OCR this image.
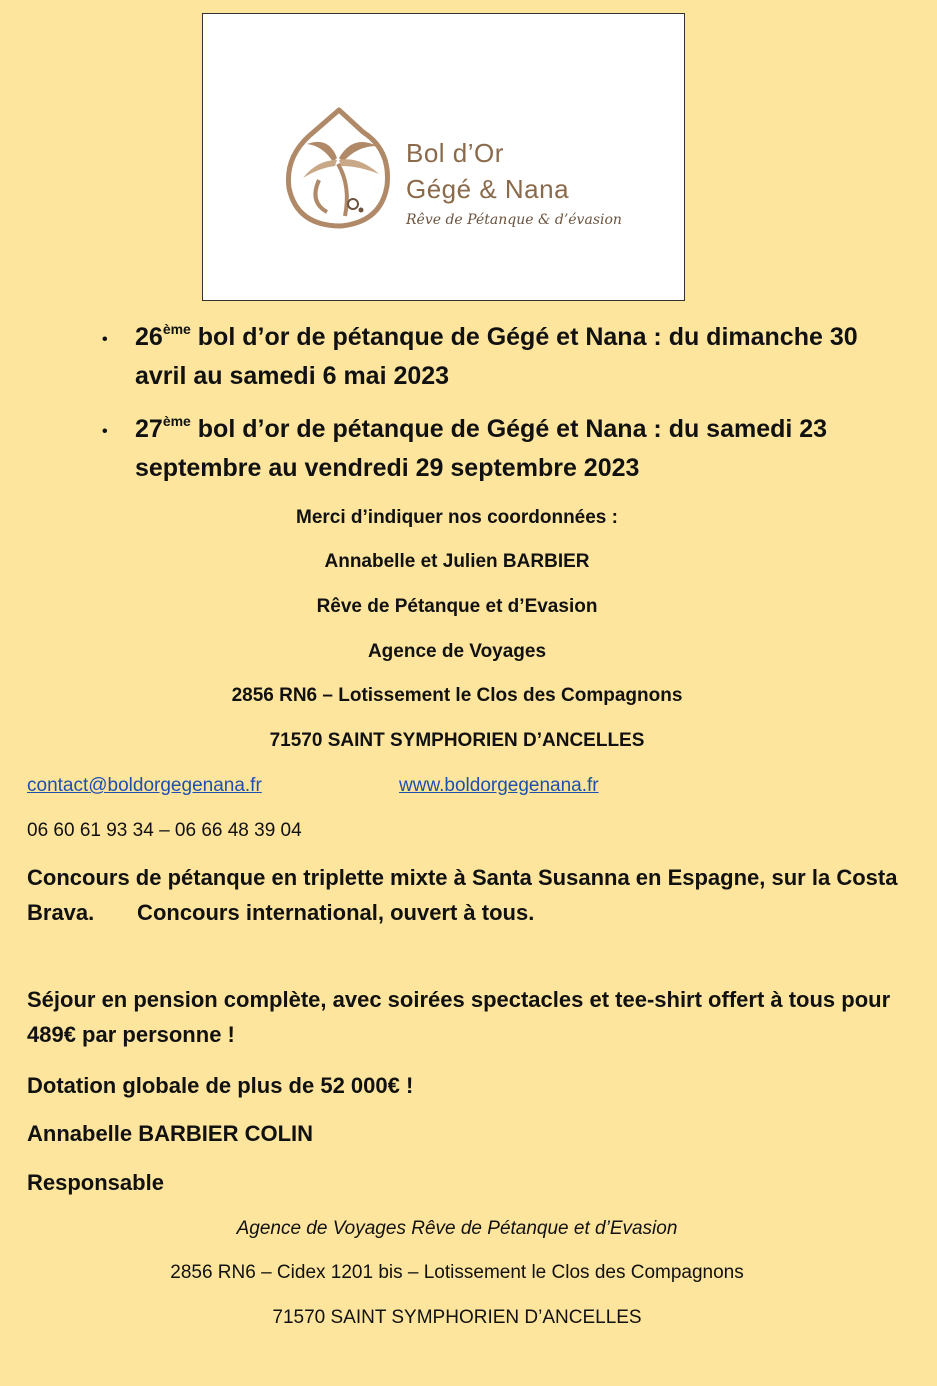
Bol d’Or
Gégé & Nana
Rêve de Pétanque & d’évasion
• 26ème bol d’or de pétanque de Gégé et Nana : du dimanche 30 avril au samedi 6 mai 2023
• 27ème bol d’or de pétanque de Gégé et Nana : du samedi 23 septembre au vendredi 29 septembre 2023

Merci d’indiquer nos coordonnées :

Annabelle et Julien BARBIER

Rêve de Pétanque et d’Evasion

Agence de Voyages

2856 RN6 – Lotissement le Clos des Compagnons

71570 SAINT SYMPHORIEN D’ANCELLES

contact@boldorgegenana.fr	www.boldorgegenana.fr

06 60 61 93 34 – 06 66 48 39 04

Concours de pétanque en triplette mixte à Santa Susanna en Espagne, sur la Costa Brava.       Concours international, ouvert à tous.

Séjour en pension complète, avec soirées spectacles et tee-shirt offert à tous pour 489€ par personne !

Dotation globale de plus de 52 000€ !

Annabelle BARBIER COLIN

Responsable

Agence de Voyages Rêve de Pétanque et d’Evasion

2856 RN6 – Cidex 1201 bis – Lotissement le Clos des Compagnons

71570 SAINT SYMPHORIEN D’ANCELLES
